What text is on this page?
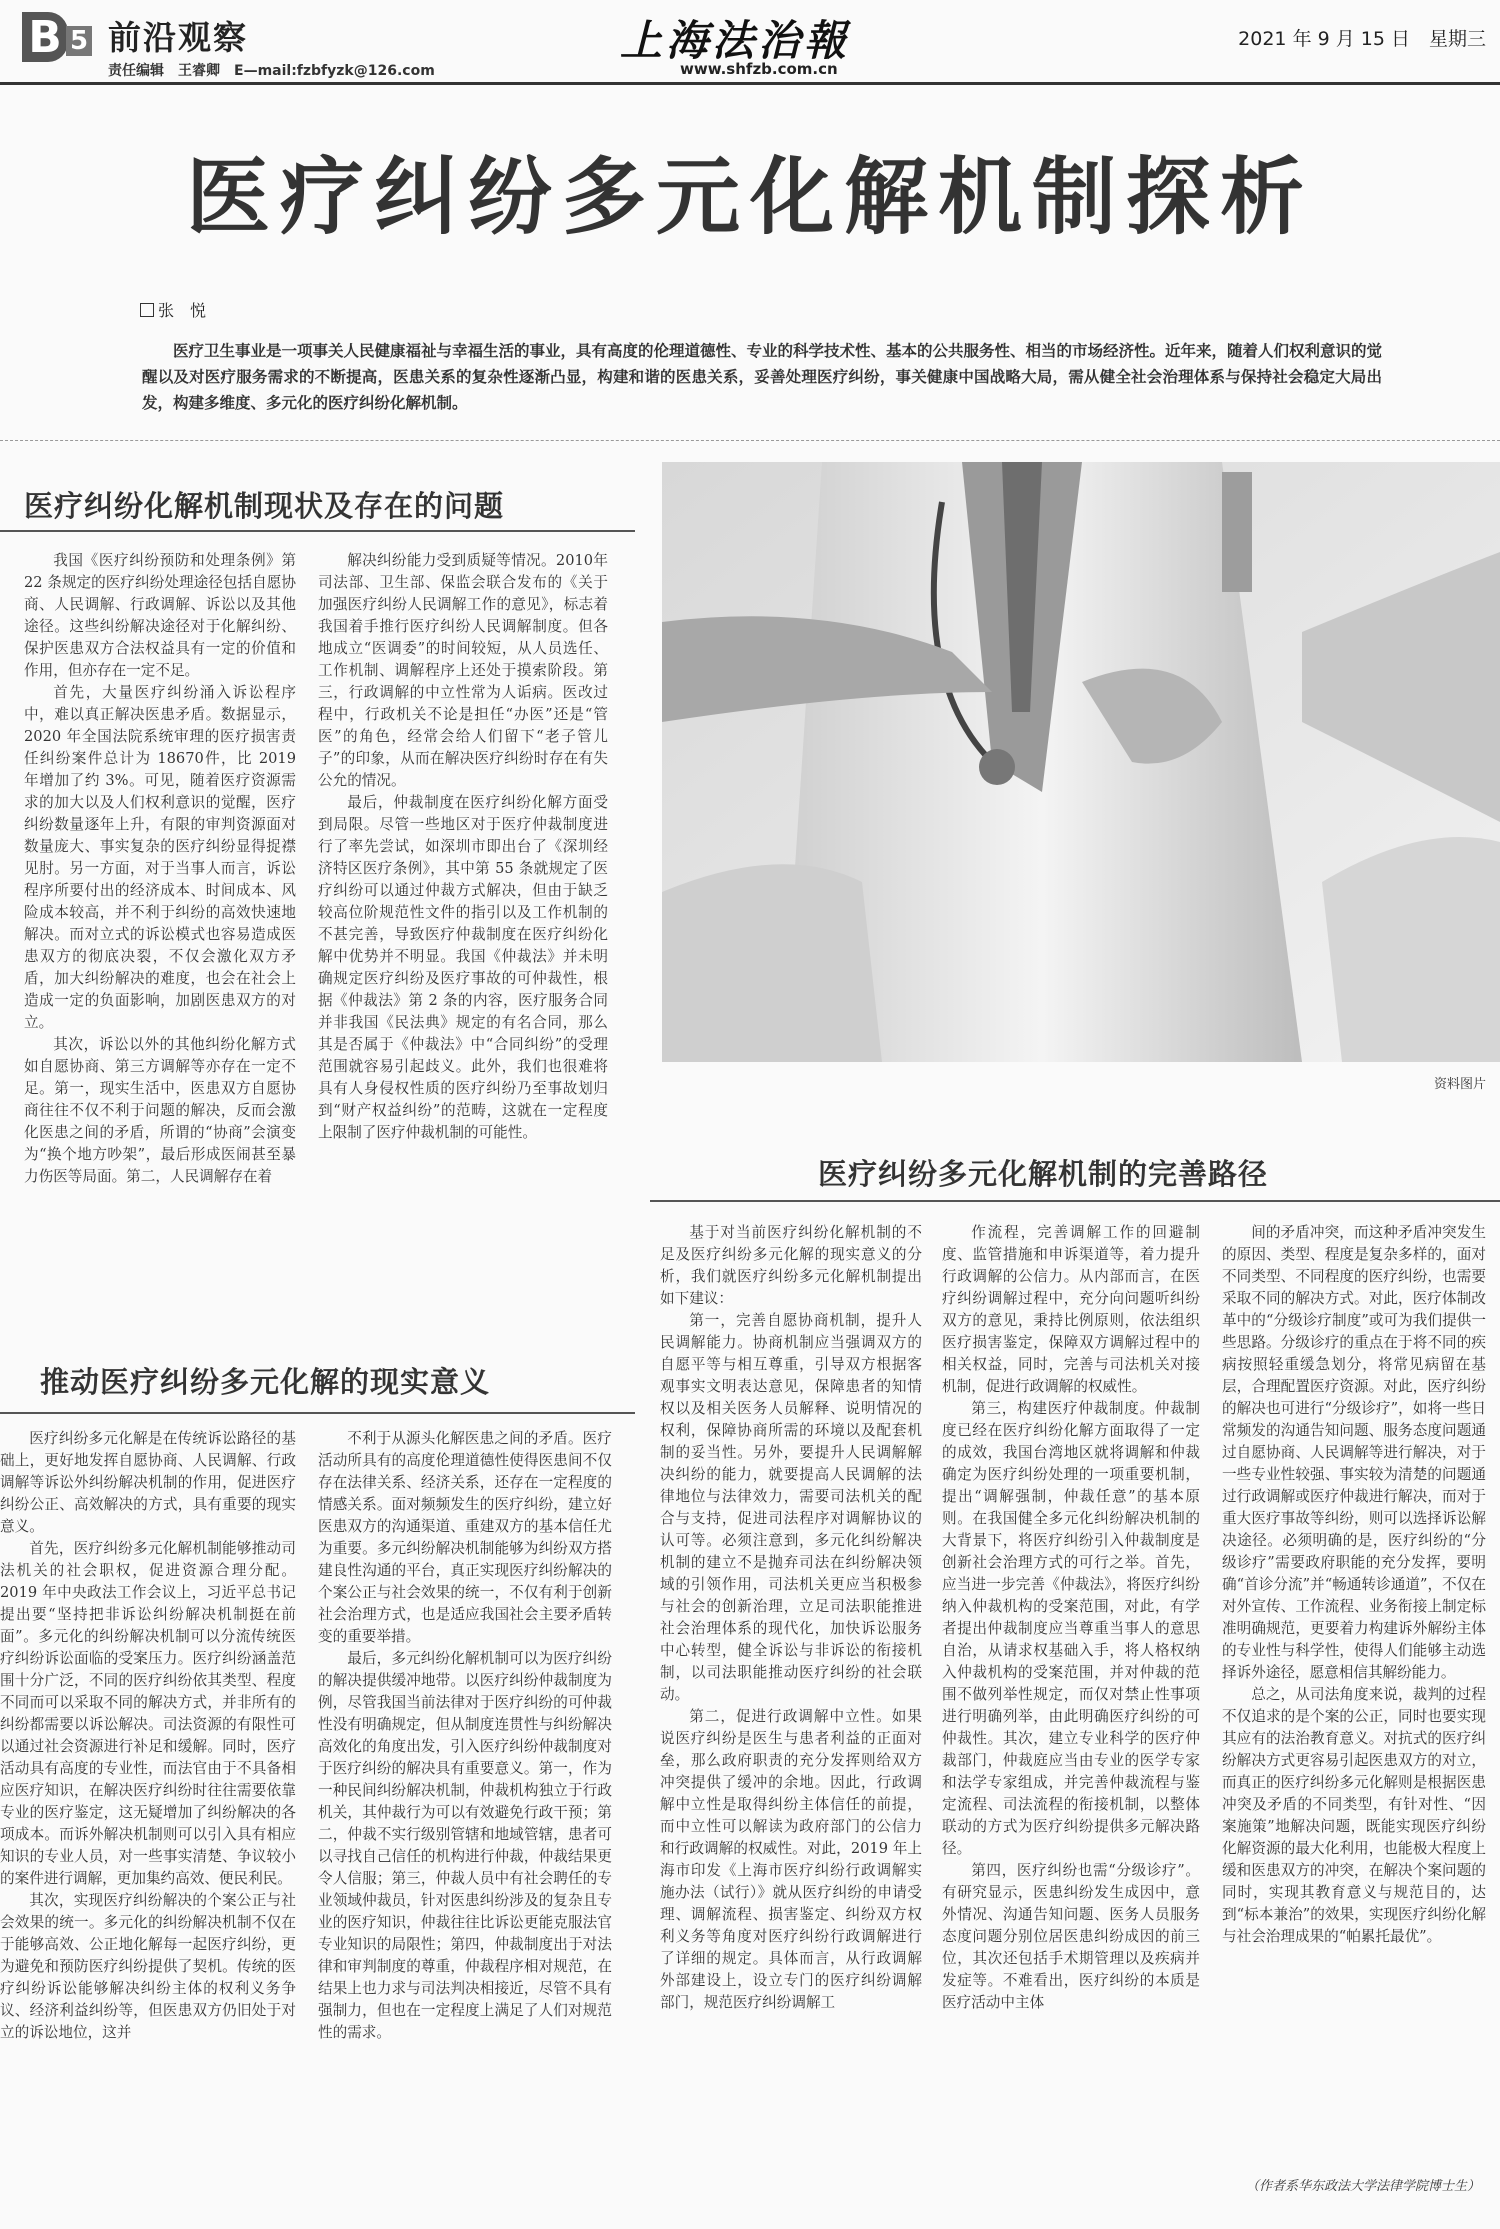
B 5 前沿观察
责任编辑　王睿卿　E—mail:fzbfyzk@126.com
上海法治報
www.shfzb.com.cn
2021 年 9 月 15 日　星期三
医疗纠纷多元化解机制探析
张　悦
医疗卫生事业是一项事关人民健康福祉与幸福生活的事业，具有高度的伦理道德性、专业的科学技术性、基本的公共服务性、相当的市场经济性。近年来，随着人们权利意识的觉醒以及对医疗服务需求的不断提高，医患关系的复杂性逐渐凸显，构建和谐的医患关系，妥善处理医疗纠纷，事关健康中国战略大局，需从健全社会治理体系与保持社会稳定大局出发，构建多维度、多元化的医疗纠纷化解机制。
医疗纠纷化解机制现状及存在的问题

我国《医疗纠纷预防和处理条例》第 22 条规定的医疗纠纷处理途径包括自愿协商、人民调解、行政调解、诉讼以及其他途径。这些纠纷解决途径对于化解纠纷、保护医患双方合法权益具有一定的价值和作用，但亦存在一定不足。

首先，大量医疗纠纷涌入诉讼程序中，难以真正解决医患矛盾。数据显示，2020 年全国法院系统审理的医疗损害责任纠纷案件总计为 18670件，比 2019 年增加了约 3%。可见，随着医疗资源需求的加大以及人们权利意识的觉醒，医疗纠纷数量逐年上升，有限的审判资源面对数量庞大、事实复杂的医疗纠纷显得捉襟见肘。另一方面，对于当事人而言，诉讼程序所要付出的经济成本、时间成本、风险成本较高，并不利于纠纷的高效快速地解决。而对立式的诉讼模式也容易造成医患双方的彻底决裂，不仅会激化双方矛盾，加大纠纷解决的难度，也会在社会上造成一定的负面影响，加剧医患双方的对立。

其次，诉讼以外的其他纠纷化解方式如自愿协商、第三方调解等亦存在一定不足。第一，现实生活中，医患双方自愿协商往往不仅不利于问题的解决，反而会激化医患之间的矛盾，所谓的“协商”会演变为“换个地方吵架”，最后形成医闹甚至暴力伤医等局面。第二，人民调解存在着

解决纠纷能力受到质疑等情况。2010年司法部、卫生部、保监会联合发布的《关于加强医疗纠纷人民调解工作的意见》，标志着我国着手推行医疗纠纷人民调解制度。但各地成立“医调委”的时间较短，从人员选任、工作机制、调解程序上还处于摸索阶段。第三，行政调解的中立性常为人诟病。医改过程中，行政机关不论是担任“办医”还是“管医”的角色，经常会给人们留下“老子管儿子”的印象，从而在解决医疗纠纷时存在有失公允的情况。

最后，仲裁制度在医疗纠纷化解方面受到局限。尽管一些地区对于医疗仲裁制度进行了率先尝试，如深圳市即出台了《深圳经济特区医疗条例》，其中第 55 条就规定了医疗纠纷可以通过仲裁方式解决，但由于缺乏较高位阶规范性文件的指引以及工作机制的不甚完善，导致医疗仲裁制度在医疗纠纷化解中优势并不明显。我国《仲裁法》并未明确规定医疗纠纷及医疗事故的可仲裁性，根据《仲裁法》第 2 条的内容，医疗服务合同并非我国《民法典》规定的有名合同，那么其是否属于《仲裁法》中“合同纠纷”的受理范围就容易引起歧义。此外，我们也很难将具有人身侵权性质的医疗纠纷乃至事故划归到“财产权益纠纷”的范畴，这就在一定程度上限制了医疗仲裁机制的可能性。

资料图片
推动医疗纠纷多元化解的现实意义

医疗纠纷多元化解是在传统诉讼路径的基础上，更好地发挥自愿协商、人民调解、行政调解等诉讼外纠纷解决机制的作用，促进医疗纠纷公正、高效解决的方式，具有重要的现实意义。

首先，医疗纠纷多元化解机制能够推动司法机关的社会职权，促进资源合理分配。2019 年中央政法工作会议上，习近平总书记提出要“坚持把非诉讼纠纷解决机制挺在前面”。多元化的纠纷解决机制可以分流传统医疗纠纷诉讼面临的受案压力。医疗纠纷涵盖范围十分广泛，不同的医疗纠纷依其类型、程度不同而可以采取不同的解决方式，并非所有的纠纷都需要以诉讼解决。司法资源的有限性可以通过社会资源进行补足和缓解。同时，医疗活动具有高度的专业性，而法官由于不具备相应医疗知识，在解决医疗纠纷时往往需要依靠专业的医疗鉴定，这无疑增加了纠纷解决的各项成本。而诉外解决机制则可以引入具有相应知识的专业人员，对一些事实清楚、争议较小的案件进行调解，更加集约高效、便民利民。

其次，实现医疗纠纷解决的个案公正与社会效果的统一。多元化的纠纷解决机制不仅在于能够高效、公正地化解每一起医疗纠纷，更为避免和预防医疗纠纷提供了契机。传统的医疗纠纷诉讼能够解决纠纷主体的权利义务争议、经济利益纠纷等，但医患双方仍旧处于对立的诉讼地位，这并

不利于从源头化解医患之间的矛盾。医疗活动所具有的高度伦理道德性使得医患间不仅存在法律关系、经济关系，还存在一定程度的情感关系。面对频频发生的医疗纠纷，建立好医患双方的沟通渠道、重建双方的基本信任尤为重要。多元纠纷解决机制能够为纠纷双方搭建良性沟通的平台，真正实现医疗纠纷解决的个案公正与社会效果的统一，不仅有利于创新社会治理方式，也是适应我国社会主要矛盾转变的重要举措。

最后，多元纠纷化解机制可以为医疗纠纷的解决提供缓冲地带。以医疗纠纷仲裁制度为例，尽管我国当前法律对于医疗纠纷的可仲裁性没有明确规定，但从制度连贯性与纠纷解决高效化的角度出发，引入医疗纠纷仲裁制度对于医疗纠纷的解决具有重要意义。第一，作为一种民间纠纷解决机制，仲裁机构独立于行政机关，其仲裁行为可以有效避免行政干预；第二，仲裁不实行级别管辖和地域管辖，患者可以寻找自己信任的机构进行仲裁，仲裁结果更令人信服；第三，仲裁人员中有社会聘任的专业领域仲裁员，针对医患纠纷涉及的复杂且专业的医疗知识，仲裁往往比诉讼更能克服法官专业知识的局限性；第四，仲裁制度出于对法律和审判制度的尊重，仲裁程序相对规范，在结果上也力求与司法判决相接近，尽管不具有强制力，但也在一定程度上满足了人们对规范性的需求。

医疗纠纷多元化解机制的完善路径

基于对当前医疗纠纷化解机制的不足及医疗纠纷多元化解的现实意义的分析，我们就医疗纠纷多元化解机制提出如下建议：

第一，完善自愿协商机制，提升人民调解能力。协商机制应当强调双方的自愿平等与相互尊重，引导双方根据客观事实文明表达意见，保障患者的知情权以及相关医务人员解释、说明情况的权利，保障协商所需的环境以及配套机制的妥当性。另外，要提升人民调解解决纠纷的能力，就要提高人民调解的法律地位与法律效力，需要司法机关的配合与支持，促进司法程序对调解协议的认可等。必须注意到，多元化纠纷解决机制的建立不是抛弃司法在纠纷解决领域的引领作用，司法机关更应当积极参与社会的创新治理，立足司法职能推进社会治理体系的现代化，加快诉讼服务中心转型，健全诉讼与非诉讼的衔接机制，以司法职能推动医疗纠纷的社会联动。

第二，促进行政调解中立性。如果说医疗纠纷是医生与患者利益的正面对垒，那么政府职责的充分发挥则给双方冲突提供了缓冲的余地。因此，行政调解中立性是取得纠纷主体信任的前提，而中立性可以解读为政府部门的公信力和行政调解的权威性。对此，2019 年上海市印发《上海市医疗纠纷行政调解实施办法（试行）》就从医疗纠纷的申请受理、调解流程、损害鉴定、纠纷双方权利义务等角度对医疗纠纷行政调解进行了详细的规定。具体而言，从行政调解外部建设上，设立专门的医疗纠纷调解部门，规范医疗纠纷调解工

作流程，完善调解工作的回避制度、监管措施和申诉渠道等，着力提升行政调解的公信力。从内部而言，在医疗纠纷调解过程中，充分向问题听纠纷双方的意见，秉持比例原则，依法组织医疗损害鉴定，保障双方调解过程中的相关权益，同时，完善与司法机关对接机制，促进行政调解的权威性。

第三，构建医疗仲裁制度。仲裁制度已经在医疗纠纷化解方面取得了一定的成效，我国台湾地区就将调解和仲裁确定为医疗纠纷处理的一项重要机制，提出“调解强制，仲裁任意”的基本原则。在我国健全多元化纠纷解决机制的大背景下，将医疗纠纷引入仲裁制度是创新社会治理方式的可行之举。首先，应当进一步完善《仲裁法》，将医疗纠纷纳入仲裁机构的受案范围，对此，有学者提出仲裁制度应当尊重当事人的意思自治，从请求权基础入手，将人格权纳入仲裁机构的受案范围，并对仲裁的范围不做列举性规定，而仅对禁止性事项进行明确列举，由此明确医疗纠纷的可仲裁性。其次，建立专业科学的医疗仲裁部门，仲裁庭应当由专业的医学专家和法学专家组成，并完善仲裁流程与鉴定流程、司法流程的衔接机制，以整体联动的方式为医疗纠纷提供多元解决路径。

第四，医疗纠纷也需“分级诊疗”。有研究显示，医患纠纷发生成因中，意外情况、沟通告知问题、医务人员服务态度问题分别位居医患纠纷成因的前三位，其次还包括手术期管理以及疾病并发症等。不难看出，医疗纠纷的本质是医疗活动中主体

间的矛盾冲突，而这种矛盾冲突发生的原因、类型、程度是复杂多样的，面对不同类型、不同程度的医疗纠纷，也需要采取不同的解决方式。对此，医疗体制改革中的“分级诊疗制度”或可为我们提供一些思路。分级诊疗的重点在于将不同的疾病按照轻重缓急划分，将常见病留在基层，合理配置医疗资源。对此，医疗纠纷的解决也可进行“分级诊疗”，如将一些日常频发的沟通告知问题、服务态度问题通过自愿协商、人民调解等进行解决，对于一些专业性较强、事实较为清楚的问题通过行政调解或医疗仲裁进行解决，而对于重大医疗事故等纠纷，则可以选择诉讼解决途径。必须明确的是，医疗纠纷的“分级诊疗”需要政府职能的充分发挥，要明确“首诊分流”并“畅通转诊通道”，不仅在对外宣传、工作流程、业务衔接上制定标准明确规范，更要着力构建诉外解纷主体的专业性与科学性，使得人们能够主动选择诉外途径，愿意相信其解纷能力。

总之，从司法角度来说，裁判的过程不仅追求的是个案的公正，同时也要实现其应有的法治教育意义。对抗式的医疗纠纷解决方式更容易引起医患双方的对立，而真正的医疗纠纷多元化解则是根据医患冲突及矛盾的不同类型，有针对性、“因案施策”地解决问题，既能实现医疗纠纷化解资源的最大化利用，也能极大程度上缓和医患双方的冲突，在解决个案问题的同时，实现其教育意义与规范目的，达到“标本兼治”的效果，实现医疗纠纷化解与社会治理成果的“帕累托最优”。

（作者系华东政法大学法律学院博士生）
